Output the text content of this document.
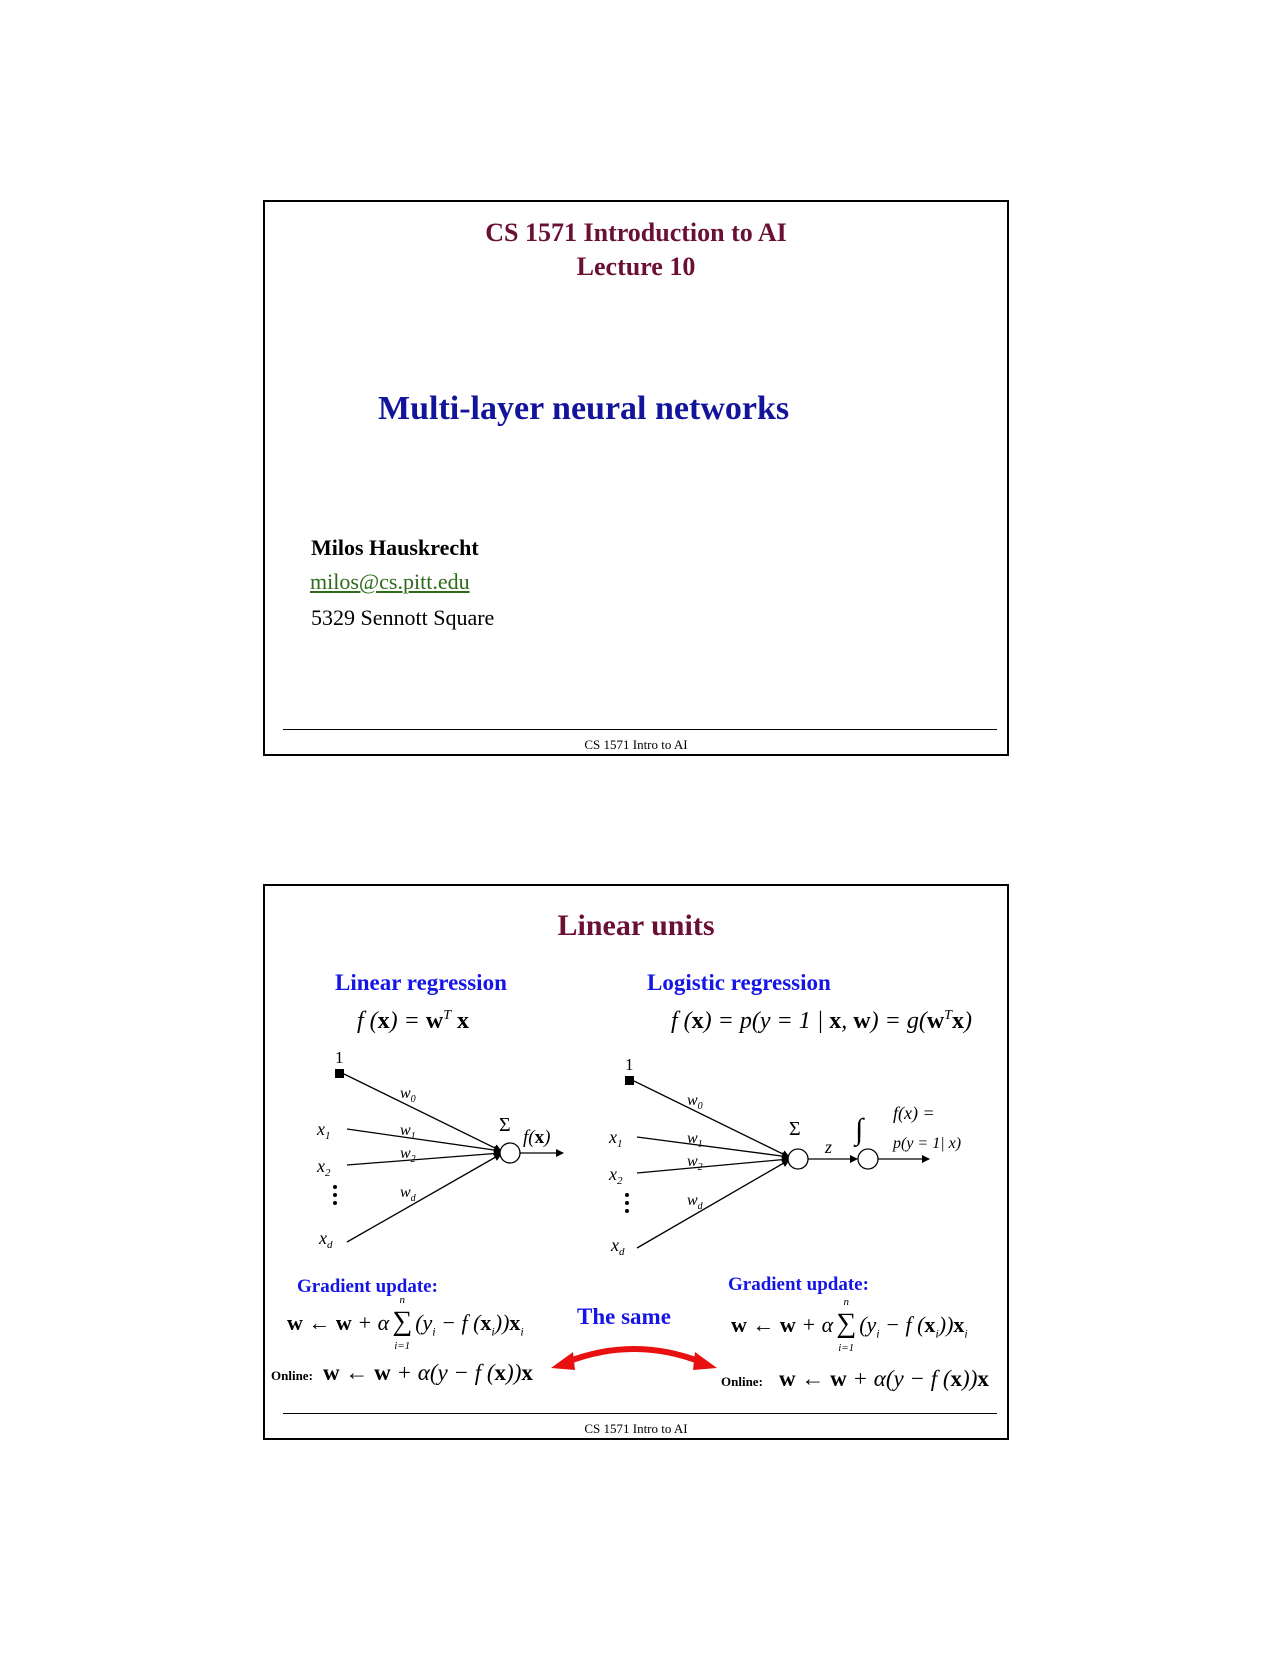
CS 1571 Introduction to AI
Lecture 10
Multi-layer neural networks
Milos Hauskrecht
milos@cs.pitt.edu
5329 Sennott Square
CS 1571 Intro to AI
Linear units
Linear regression	Logistic regression
f $(x) = w^T$ x	f (x) = p(y = 1 | x, $w) = g(w^Tx)$
1
$x_1$
$x_2$
$x_d$
$w_0$
$w_1$
$w_2$
$w_d$
Σ
f(x)
1
$x_1$
$x_2$
$x_d$
$w_0$
$w_1$
$w_2$
$w_d$
Σ
z
∫ f(x) =
p(y = 1| x)
Gradient update:	Gradient update:
w ← w + α ∑
n
i=1
($y_i - f$ $(x_i))x_i$	w ← w + α ∑
n
i=1
($y_i - f$ $(x_i))x_i$
Online: w ← w + α(y − f (x))x	Online: w ← w + α(y − f (x))x
The same
CS 1571 Intro to AI
